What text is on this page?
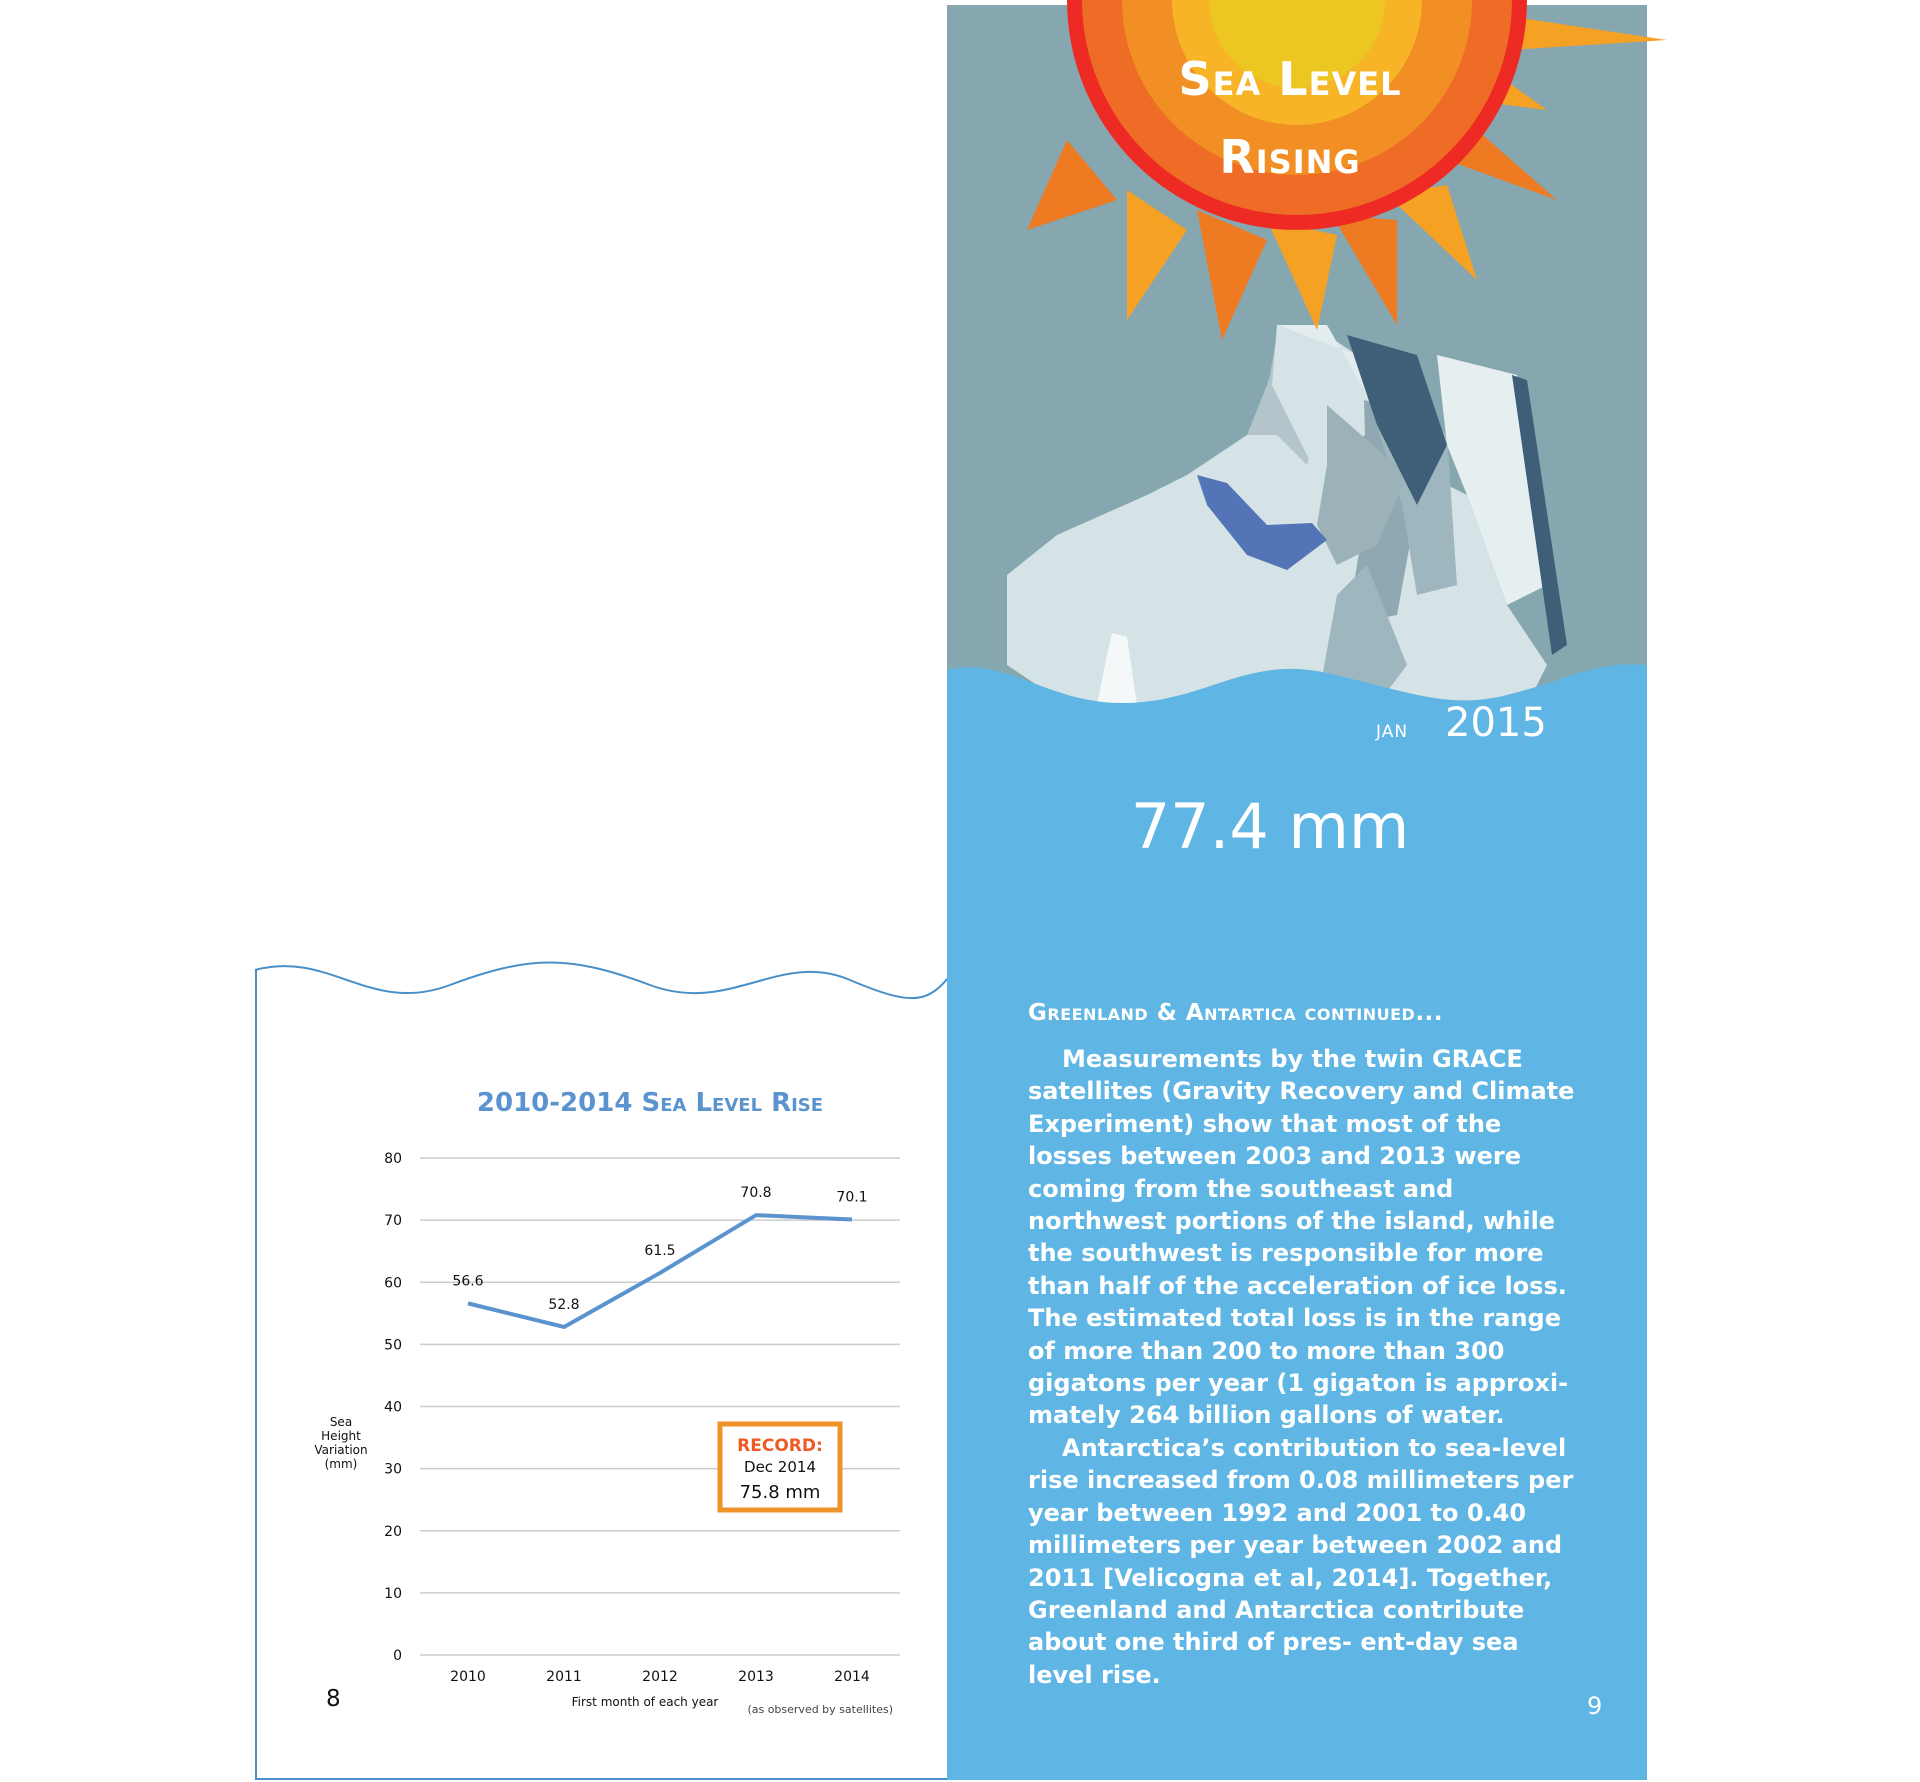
2010-2014 Sea Level Rise
0
10
20
30
40
50
60
70
80
2010	2011	2012	2013	2014
56.6
52.8
61.5
70.8	70.1
Sea
Height
Variation
(mm)
First month of each year
(as observed by satellites)
RECORD:
Dec 2014
75.8 mm
8
Sea Level
Rising
jan 2015
77.4 mm
Greenland & Antartica continued...

Measurements by the twin GRACE satellites (Gravity Recovery and Climate Experiment) show that most of the losses between 2003 and 2013 were coming from the southeast and northwest portions of the island, while the southwest is responsible for more than half of the acceleration of ice loss. The estimated total loss is in the range of more than 200 to more than 300 gigatons per year (1 gigaton is approxi- mately 264 billion gallons of water.

Antarctica’s contribution to sea-level rise increased from 0.08 millimeters per year between 1992 and 2001 to 0.40 millimeters per year between 2002 and 2011 [Velicogna et al, 2014]. Together, Greenland and Antarctica contribute about one third of pres- ent-day sea level rise.

9
